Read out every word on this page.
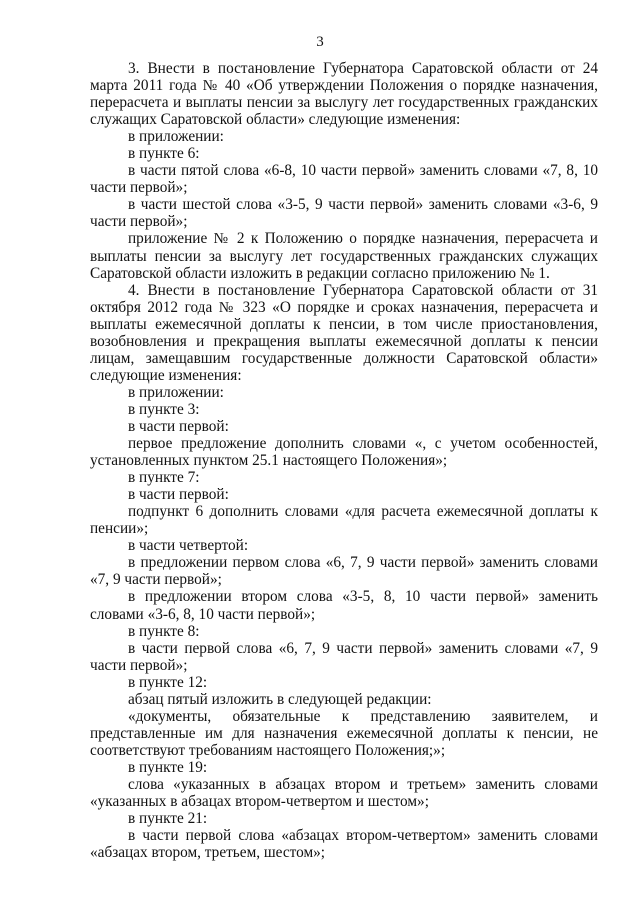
3

3. Внести в постановление Губернатора Саратовской области от 24 марта 2011 года № 40 «Об утверждении Положения о порядке назначения, перерасчета и выплаты пенсии за выслугу лет государственных гражданских служащих Саратовской области» следующие изменения:

в приложении:

в пункте 6:

в части пятой слова «6-8, 10 части первой» заменить словами «7, 8, 10 части первой»;

в части шестой слова «3-5, 9 части первой» заменить словами «3-6, 9 части первой»;

приложение № 2 к Положению о порядке назначения, перерасчета и выплаты пенсии за выслугу лет государственных гражданских служащих Саратовской области изложить в редакции согласно приложению № 1.

4. Внести в постановление Губернатора Саратовской области от 31 октября 2012 года № 323 «О порядке и сроках назначения, перерасчета и выплаты ежемесячной доплаты к пенсии, в том числе приостановления, возобновления и прекращения выплаты ежемесячной доплаты к пенсии лицам, замещавшим государственные должности Саратовской области» следующие изменения:

в приложении:

в пункте 3:

в части первой:

первое предложение дополнить словами «, с учетом особенностей, установленных пунктом 25.1 настоящего Положения»;

в пункте 7:

в части первой:

подпункт 6 дополнить словами «для расчета ежемесячной доплаты к пенсии»;

в части четвертой:

в предложении первом слова «6, 7, 9 части первой» заменить словами «7, 9 части первой»;

в предложении втором слова «3-5, 8, 10 части первой» заменить словами «3-6, 8, 10 части первой»;

в пункте 8:

в части первой слова «6, 7, 9 части первой» заменить словами «7, 9 части первой»;

в пункте 12:

абзац пятый изложить в следующей редакции:

«документы, обязательные к представлению заявителем, и представленные им для назначения ежемесячной доплаты к пенсии, не соответствуют требованиям настоящего Положения;»;

в пункте 19:

слова «указанных в абзацах втором и третьем» заменить словами «указанных в абзацах втором-четвертом и шестом»;

в пункте 21:

в части первой слова «абзацах втором-четвертом» заменить словами «абзацах втором, третьем, шестом»;
